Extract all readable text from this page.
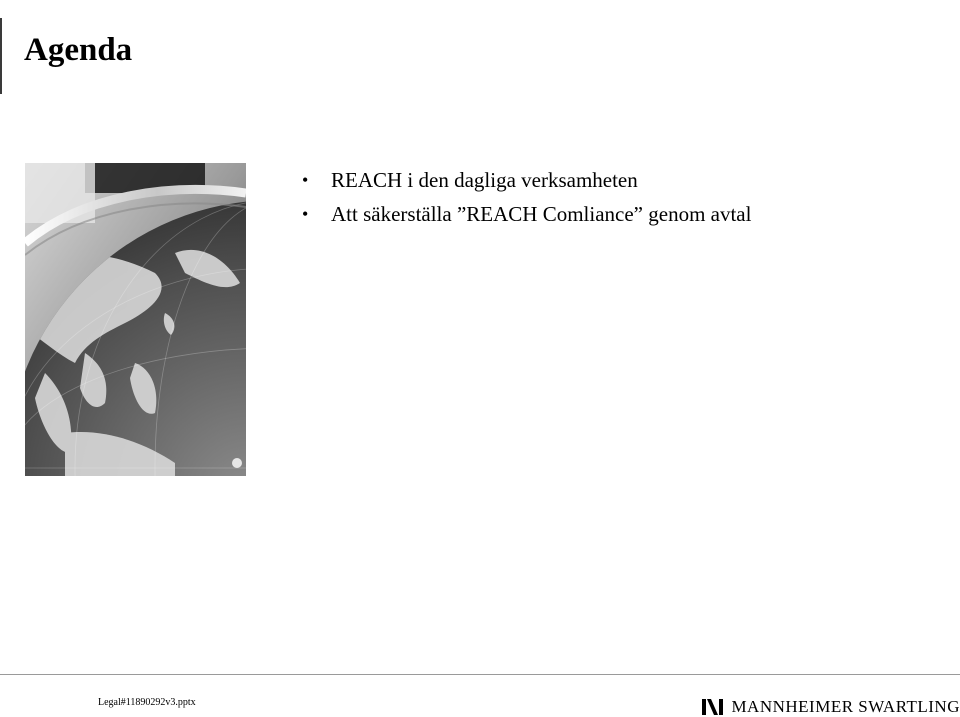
Agenda
• REACH i den dagliga verksamheten
• Att säkerställa ”REACH Comliance” genom avtal
Legal#11890292v3.pptx	MANNHEIMER SWARTLING
